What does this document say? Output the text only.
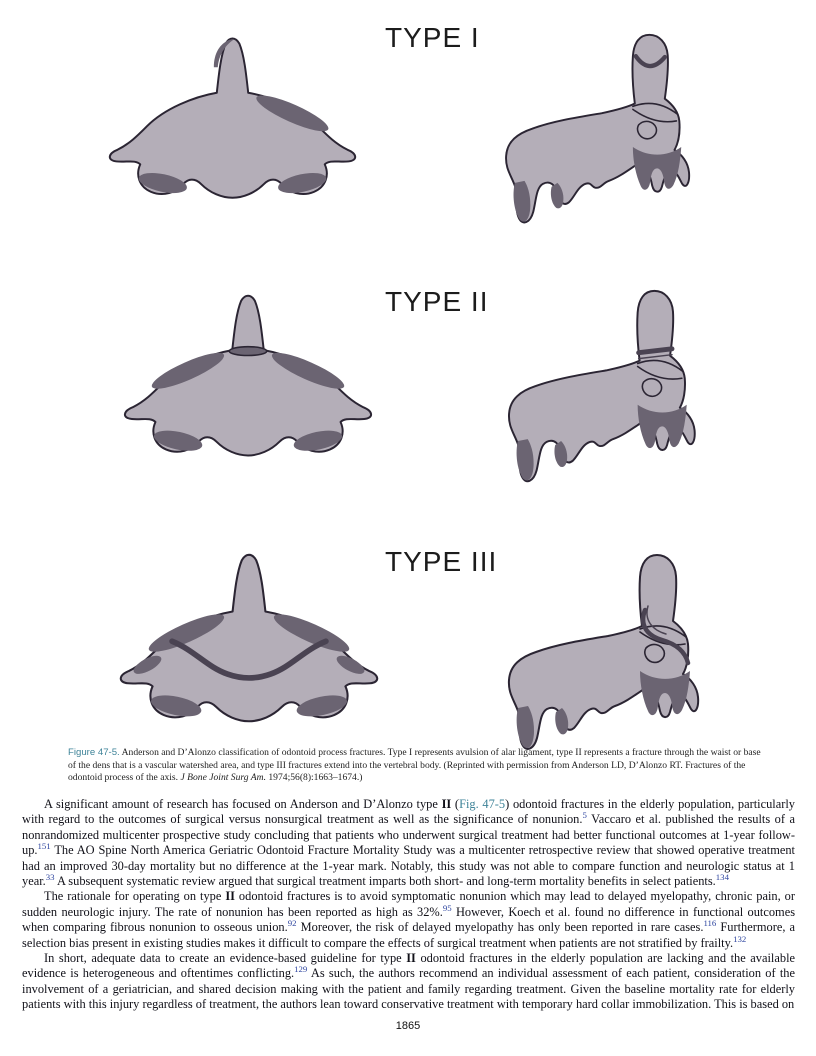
TYPE I
TYPE II
TYPE III
Figure 47-5. Anderson and D’Alonzo classification of odontoid process fractures. Type I represents avulsion of alar ligament, type II represents a fracture through the waist or base of the dens that is a vascular watershed area, and type III fractures extend into the vertebral body. (Reprinted with permission from Anderson LD, D’Alonzo RT. Fractures of the odontoid process of the axis. J Bone Joint Surg Am. 1974;56(8):1663–1674.)

A significant amount of research has focused on Anderson and D’Alonzo type II (Fig. 47-5) odontoid fractures in the elderly population, particularly with regard to the outcomes of surgical versus nonsurgical treatment as well as the significance of nonunion.$^5$ Vaccaro et al. published the results of a nonrandomized multicenter prospective study concluding that patients who underwent surgical treatment had better functional outcomes at 1-year follow-up.$^{151}$ The AO Spine North America Geriatric Odontoid Fracture Mortality Study was a multicenter retrospective review that showed operative treatment had an improved 30-day mortality but no difference at the 1-year mark. Notably, this study was not able to compare function and neurologic status at 1 year.$^{33}$ A subsequent systematic review argued that surgical treatment imparts both short- and long-term mortality benefits in select patients.$^{134}$

The rationale for operating on type II odontoid fractures is to avoid symptomatic nonunion which may lead to delayed myelopathy, chronic pain, or sudden neurologic injury. The rate of nonunion has been reported as high as 32%.$^{95}$ However, Koech et al. found no difference in functional outcomes when comparing fibrous nonunion to osseous union.$^{92}$ Moreover, the risk of delayed myelopathy has only been reported in rare cases.$^{116}$ Furthermore, a selection bias present in existing studies makes it difficult to compare the effects of surgical treatment when patients are not stratified by frailty.$^{132}$

In short, adequate data to create an evidence-based guideline for type II odontoid fractures in the elderly population are lacking and the available evidence is heterogeneous and oftentimes conflicting.$^{129}$ As such, the authors recommend an individual assessment of each patient, consideration of the involvement of a geriatrician, and shared decision making with the patient and family regarding treatment. Given the baseline mortality rate for elderly patients with this injury regardless of treatment, the authors lean toward conservative treatment with temporary hard collar immobilization. This is based on

1865
